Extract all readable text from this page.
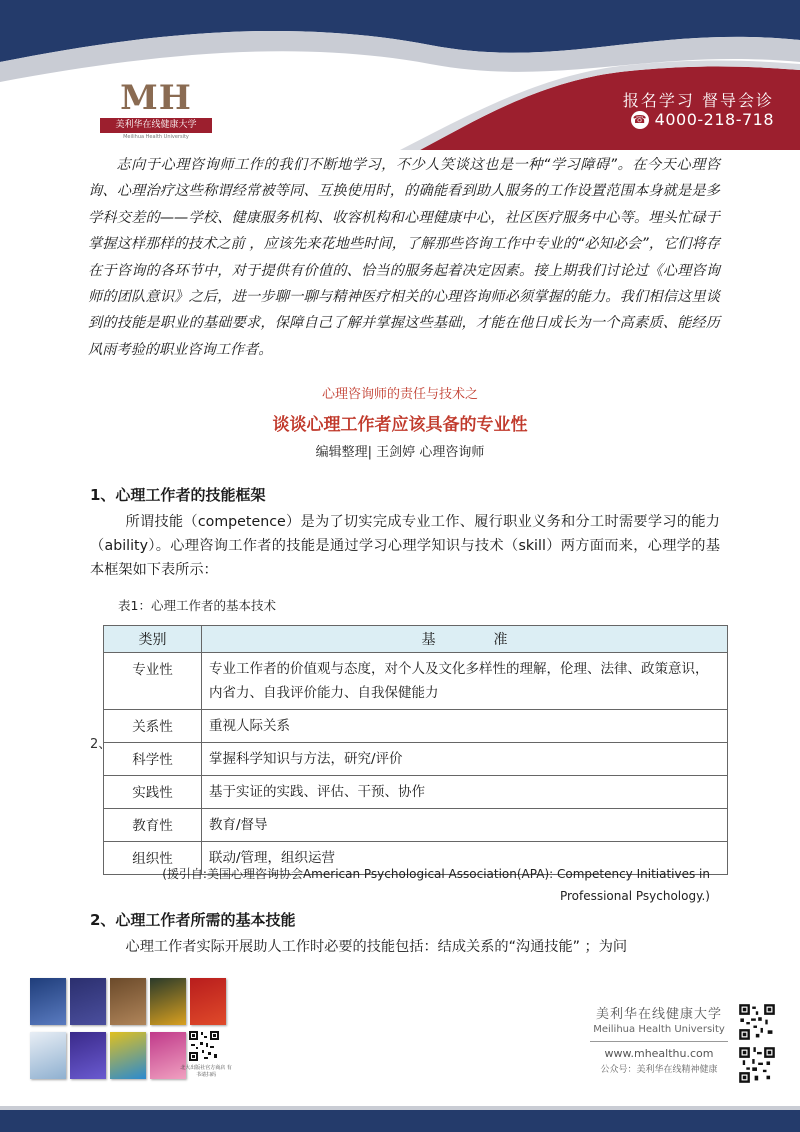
MH
美利华在线健康大学
Meilihua Health University
报名学习 督导会诊
☎ 4000-218-718

志向于心理咨询师工作的我们不断地学习，不少人笑谈这也是一种“学习障碍”。在今天心理咨询、心理治疗这些称谓经常被等同、互换使用时，的确能看到助人服务的工作设置范围本身就是是多学科交差的——学校、健康服务机构、收容机构和心理健康中心，社区医疗服务中心等。埋头忙碌于掌握这样那样的技术之前 ，应该先来花地些时间，了解那些咨询工作中专业的“必知必会”，它们将存在于咨询的各环节中，对于提供有价值的、恰当的服务起着决定因素。接上期我们讨论过《心理咨询师的团队意识》之后，进一步聊一聊与精神医疗相关的心理咨询师必须掌握的能力。我们相信这里谈到的技能是职业的基础要求，保障自己了解并掌握这些基础，才能在他日成长为一个高素质、能经历风雨考验的职业咨询工作者。

心理咨询师的责任与技术之
谈谈心理工作者应该具备的专业性
编辑整理| 王剑婷 心理咨询师
1、心理工作者的技能框架

所谓技能（competence）是为了切实完成专业工作、履行职业义务和分工时需要学习的能力（ability）。心理咨询工作者的技能是通过学习心理学知识与技术（skill）两方面而来，心理学的基本框架如下表所示：

表1：心理工作者的基本技术
类别	基准
专业性	专业工作者的价值观与态度，对个人及文化多样性的理解，伦理、法律、政策意识，内省力、自我评价能力、自我保健能力
关系性	重视人际关系
科学性	掌握科学知识与方法，研究/评价
实践性	基于实证的实践、评估、干预、协作
教育性	教育/督导
组织性	联动/管理，组织运营
2、
(援引自:美国心理咨询协会American Psychological Association(APA): Competency Initiatives in
Professional Psychology.)
2、心理工作者所需的基本技能

心理工作者实际开展助人工作时必要的技能包括：结成关系的“沟通技能” ；为问

北大出版社官方商店 有书请扫码
美利华在线健康大学
Meilihua Health University
www.mhealthu.com
公众号：美利华在线精神健康
